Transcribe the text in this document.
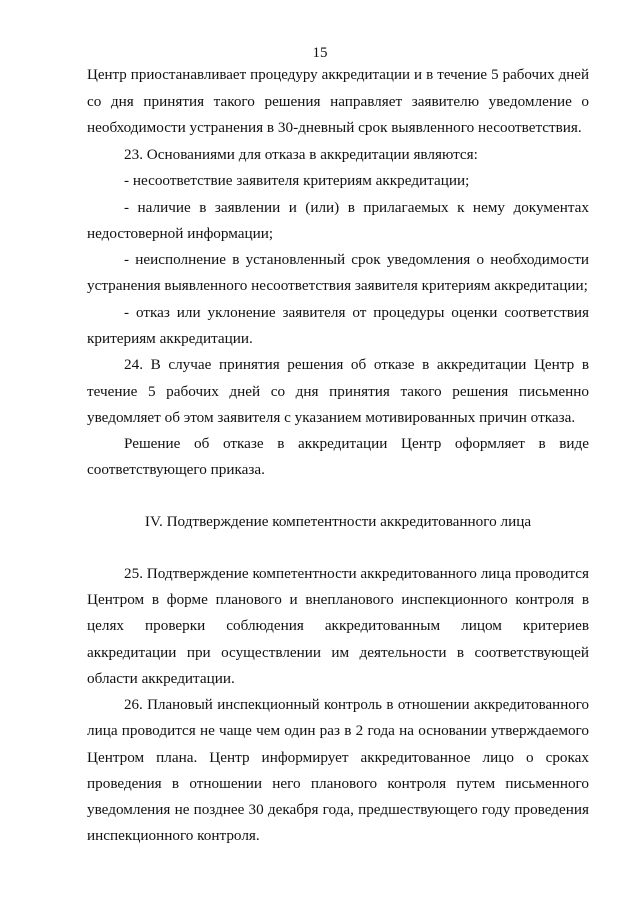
15
Центр приостанавливает процедуру аккредитации и в течение 5 рабочих дней
со дня принятия такого решения направляет заявителю уведомление о
необходимости устранения в 30-дневный срок выявленного несоответствия.
23. Основаниями для отказа в аккредитации являются:
- несоответствие заявителя критериям аккредитации;
- наличие в заявлении и (или) в прилагаемых к нему документах
недостоверной информации;
- неисполнение в установленный срок уведомления о необходимости
устранения выявленного несоответствия заявителя критериям аккредитации;
- отказ или уклонение заявителя от процедуры оценки соответствия
критериям аккредитации.
24. В случае принятия решения об отказе в аккредитации Центр в
течение 5 рабочих дней со дня принятия такого решения письменно
уведомляет об этом заявителя с указанием мотивированных причин отказа.
Решение об отказе в аккредитации Центр оформляет в виде
соответствующего приказа.
IV. Подтверждение компетентности аккредитованного лица
25. Подтверждение компетентности аккредитованного лица проводится
Центром в форме планового и внепланового инспекционного контроля в
целях проверки соблюдения аккредитованным лицом критериев
аккредитации при осуществлении им деятельности в соответствующей
области аккредитации.
26. Плановый инспекционный контроль в отношении аккредитованного
лица проводится не чаще чем один раз в 2 года на основании утверждаемого
Центром плана. Центр информирует аккредитованное лицо о сроках
проведения в отношении него планового контроля путем письменного
уведомления не позднее 30 декабря года, предшествующего году проведения
инспекционного контроля.
